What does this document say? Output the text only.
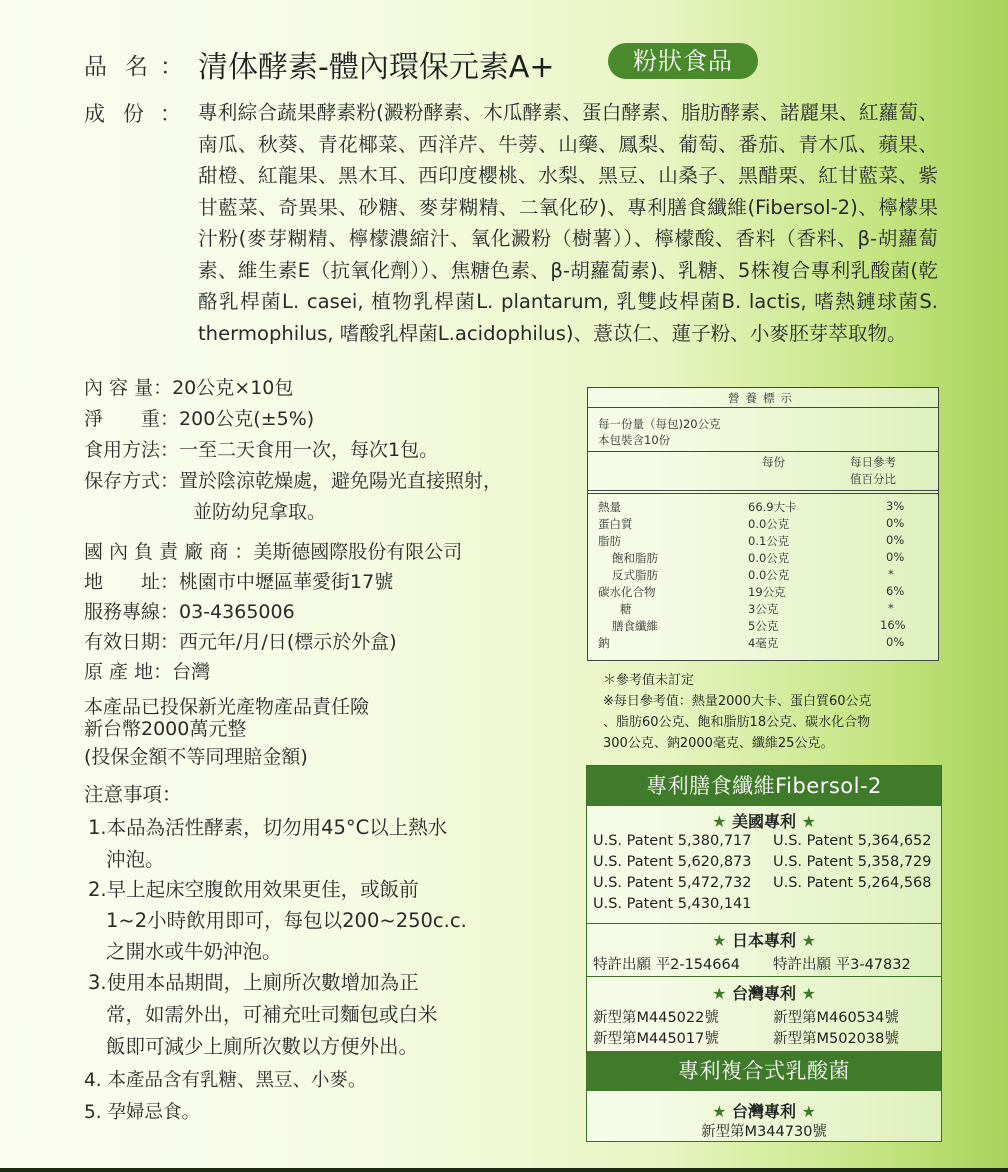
品名
： 清体酵素-體內環保元素A+	粉狀食品
成份
： 專利綜合蔬果酵素粉(澱粉酵素、木瓜酵素、蛋白酵素、脂肪酵素、諾麗果、紅蘿蔔、南瓜、秋葵、青花椰菜、西洋芹、牛蒡、山藥、鳳梨、葡萄、番茄、青木瓜、蘋果、甜橙、紅龍果、黑木耳、西印度櫻桃、水梨、黑豆、山桑子、黑醋栗、紅甘藍菜、紫甘藍菜、奇異果、砂糖、麥芽糊精、二氧化矽)、專利膳食纖維(Fibersol-2)、檸檬果汁粉(麥芽糊精、檸檬濃縮汁、氧化澱粉（樹薯））、檸檬酸、香料（香料、β-胡蘿蔔素、維生素E（抗氧化劑））、焦糖色素、β-胡蘿蔔素)、乳糖、5株複合專利乳酸菌(乾酪乳桿菌L. casei, 植物乳桿菌L. plantarum, 乳雙歧桿菌B. lactis, 嗜熱鏈球菌S. thermophilus, 嗜酸乳桿菌L.acidophilus)、薏苡仁、蓮子粉、小麥胚芽萃取物。
內 容 量：20公克×10包
淨　　重：200公克(±5%)
食用方法：一至二天食用一次，每次1包。
保存方式：置於陰涼乾燥處，避免陽光直接照射，
並防幼兒拿取。
國 內 負 責 廠 商 ：美斯德國際股份有限公司
地　　址：桃園市中壢區華愛街17號
服務專線：03-4365006
有效日期：西元年/月/日(標示於外盒)
原 產 地：台灣
本產品已投保新光產物產品責任險
新台幣2000萬元整
(投保金額不等同理賠金額)
營養標示
每一份量（每包)20公克
本包裝含10份
每份	每日參考
值百分比
熱量	66.9大卡	3%
蛋白質	0.0公克	0%
脂肪	0.1公克	0%
飽和脂肪	0.0公克	0%
反式脂肪	0.0公克	*
碳水化合物	19公克	6%
糖	3公克	*
膳食纖維	5公克	16%
鈉	4毫克	0%
＊參考值未訂定
※每日參考值：熱量2000大卡、蛋白質60公克
、脂肪60公克、飽和脂肪18公克、碳水化合物
300公克、鈉2000毫克、纖維25公克。
專利膳食纖維Fibersol-2
★ 美國專利 ★
U.S. Patent 5,380,717 U.S. Patent 5,364,652
U.S. Patent 5,620,873 U.S. Patent 5,358,729
U.S. Patent 5,472,732 U.S. Patent 5,264,568
U.S. Patent 5,430,141
★ 日本專利 ★
特許出願 平2-154664 特許出願 平3-47832
★ 台灣專利 ★
新型第M445022號	新型第M460534號
新型第M445017號	新型第M502038號
專利複合式乳酸菌
★ 台灣專利 ★
新型第M344730號
注意事項：
1.本品為活性酵素，切勿用45°C以上熱水
沖泡。
2.早上起床空腹飲用效果更佳，或飯前
1~2小時飲用即可，每包以200~250c.c.
之開水或牛奶沖泡。
3.使用本品期間，上廁所次數增加為正
常，如需外出，可補充吐司麵包或白米
飯即可減少上廁所次數以方便外出。
4. 本產品含有乳糖、黑豆、小麥。
5. 孕婦忌食。
